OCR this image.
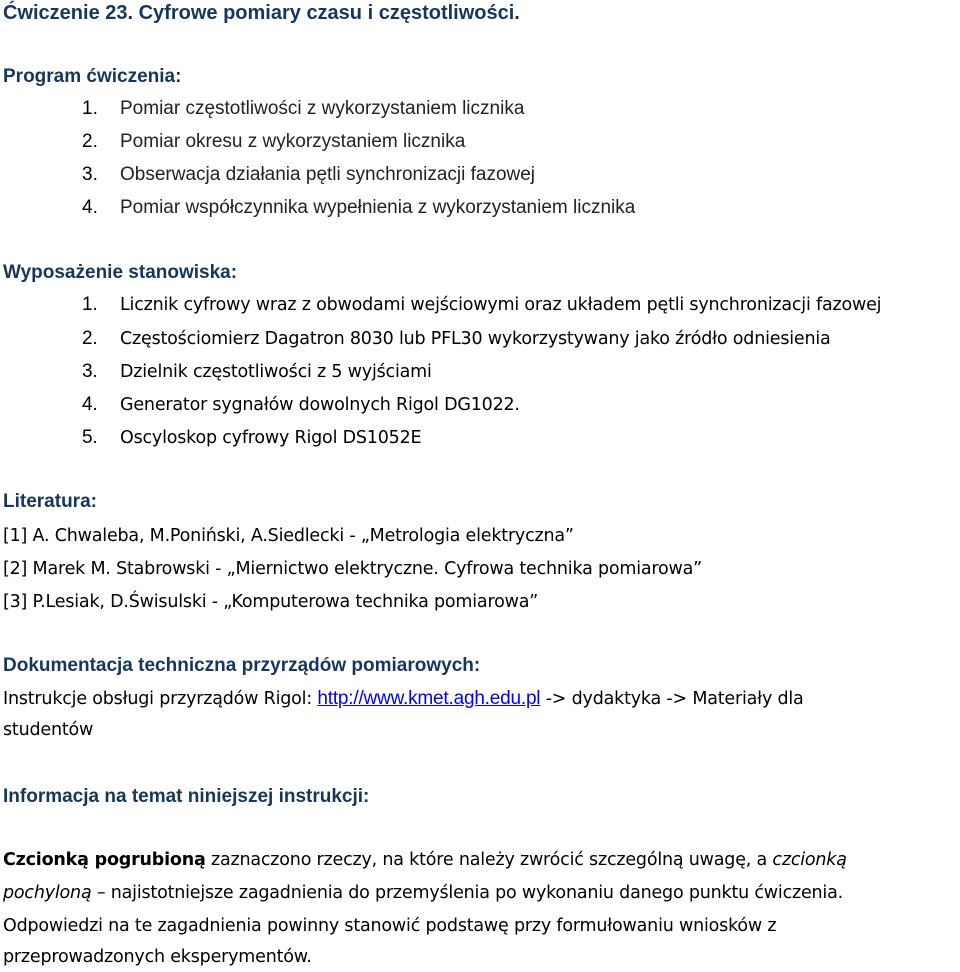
Ćwiczenie 23. Cyfrowe pomiary czasu i częstotliwości.
Program ćwiczenia:
1. Pomiar częstotliwości z wykorzystaniem licznika
2. Pomiar okresu z wykorzystaniem licznika
3. Obserwacja działania pętli synchronizacji fazowej
4. Pomiar współczynnika wypełnienia z wykorzystaniem licznika
Wyposażenie stanowiska:
1. Licznik cyfrowy wraz z obwodami wejściowymi oraz układem pętli synchronizacji fazowej
2. Częstościomierz Dagatron 8030 lub PFL30 wykorzystywany jako źródło odniesienia
3. Dzielnik częstotliwości z 5 wyjściami
4. Generator sygnałów dowolnych Rigol DG1022.
5. Oscyloskop cyfrowy Rigol DS1052E
Literatura:
[1] A. Chwaleba, M.Poniński, A.Siedlecki - „Metrologia elektryczna”
[2] Marek M. Stabrowski - „Miernictwo elektryczne. Cyfrowa technika pomiarowa”
[3] P.Lesiak, D.Świsulski - „Komputerowa technika pomiarowa”
Dokumentacja techniczna przyrządów pomiarowych:
Instrukcje obsługi przyrządów Rigol: http://www.kmet.agh.edu.pl -> dydaktyka -> Materiały dla
studentów
Informacja na temat niniejszej instrukcji:
Czcionką pogrubioną zaznaczono rzeczy, na które należy zwrócić szczególną uwagę, a czcionką
pochyloną – najistotniejsze zagadnienia do przemyślenia po wykonaniu danego punktu ćwiczenia.
Odpowiedzi na te zagadnienia powinny stanowić podstawę przy formułowaniu wniosków z
przeprowadzonych eksperymentów.
